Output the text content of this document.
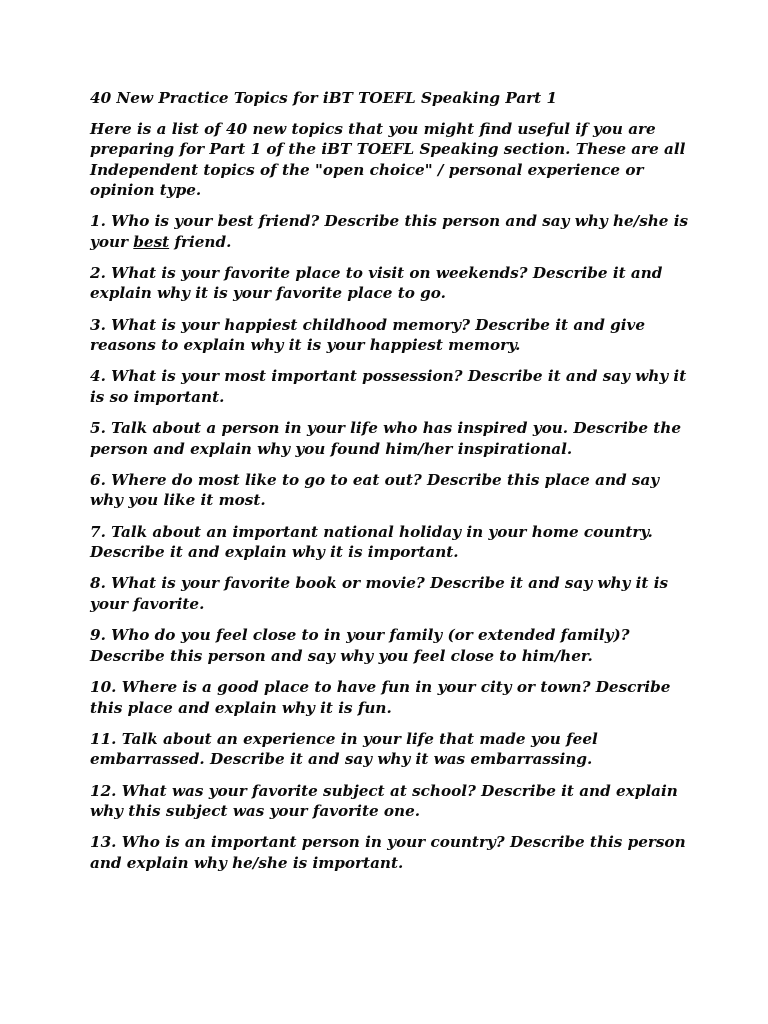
40 New Practice Topics for iBT TOEFL Speaking Part 1
Here is a list of 40 new topics that you might find useful if you are preparing for Part 1 of the iBT TOEFL Speaking section. These are all Independent topics of the "open choice" / personal experience or opinion type.
1. Who is your best friend? Describe this person and say why he/she is your best friend.
2. What is your favorite place to visit on weekends? Describe it and explain why it is your favorite place to go.
3. What is your happiest childhood memory? Describe it and give reasons to explain why it is your happiest memory.
4. What is your most important possession? Describe it and say why it is so important.
5. Talk about a person in your life who has inspired you. Describe the person and explain why you found him/her inspirational.
6. Where do most like to go to eat out? Describe this place and say why you like it most.
7. Talk about an important national holiday in your home country. Describe it and explain why it is important.
8. What is your favorite book or movie? Describe it and say why it is your favorite.
9. Who do you feel close to in your family (or extended family)? Describe this person and say why you feel close to him/her.
10. Where is a good place to have fun in your city or town? Describe this place and explain why it is fun.
11. Talk about an experience in your life that made you feel embarrassed. Describe it and say why it was embarrassing.
12. What was your favorite subject at school? Describe it and explain why this subject was your favorite one.
13. Who is an important person in your country? Describe this person and explain why he/she is important.
